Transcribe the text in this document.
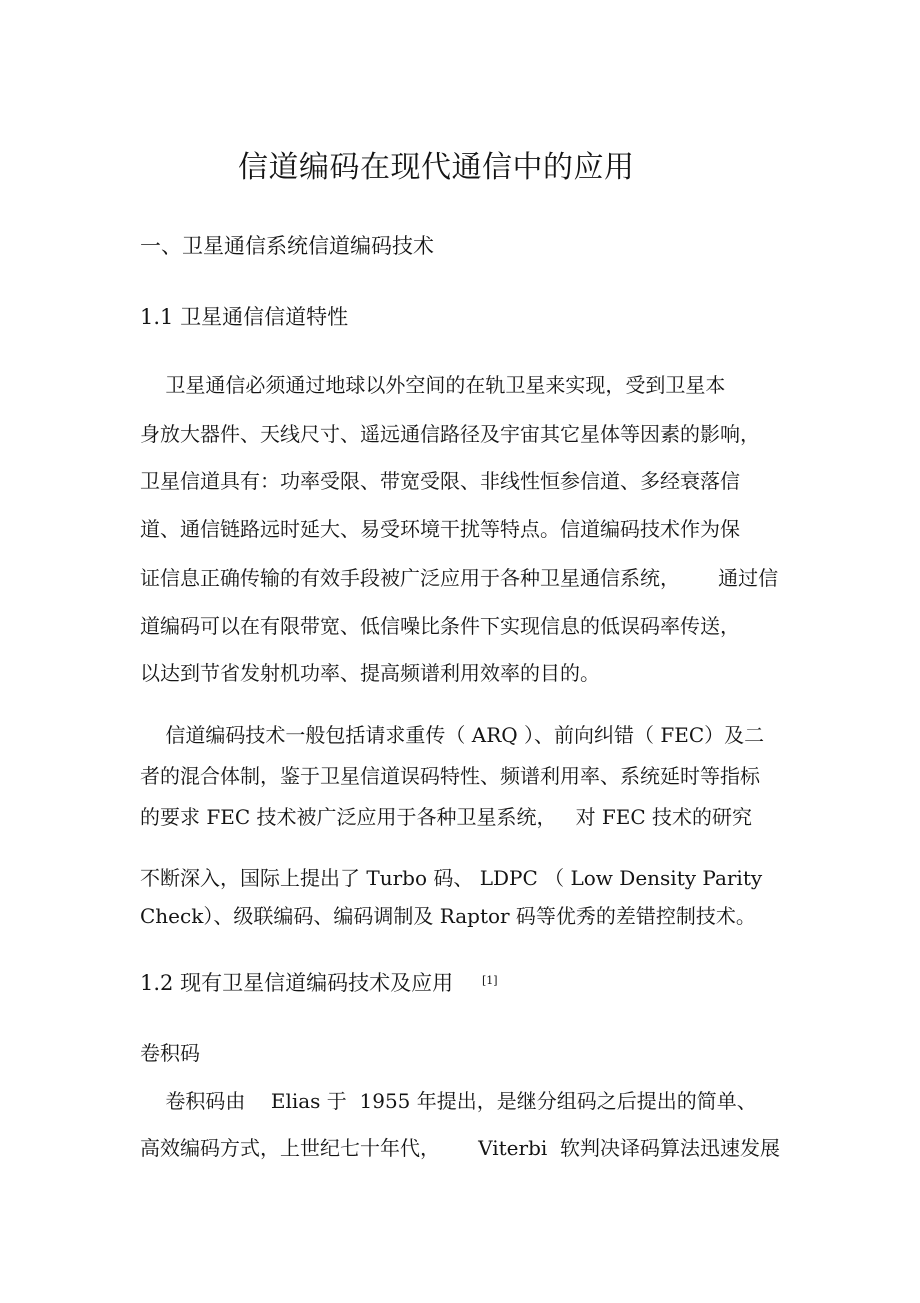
信道编码在现代通信中的应用
一、卫星通信系统信道编码技术
1.1 卫星通信信道特性
卫星通信必须通过地球以外空间的在轨卫星来实现，受到卫星本
身放大器件、天线尺寸、遥远通信路径及宇宙其它星体等因素的影响，
卫星信道具有：功率受限、带宽受限、非线性恒参信道、多经衰落信
道、通信链路远时延大、易受环境干扰等特点。信道编码技术作为保
证信息正确传输的有效手段被广泛应用于各种卫星通信系统，      通过信
道编码可以在有限带宽、低信噪比条件下实现信息的低误码率传送，
以达到节省发射机功率、提高频谱利用效率的目的。
信道编码技术一般包括请求重传（ ARQ ）、前向纠错（ FEC）及二
者的混合体制，鉴于卫星信道误码特性、频谱利用率、系统延时等指标
的要求 FEC 技术被广泛应用于各种卫星系统，   对 FEC 技术的研究
不断深入，国际上提出了 Turbo 码、 LDPC （ Low Density Parity
Check）、级联编码、编码调制及 Raptor 码等优秀的差错控制技术。
1.2 现有卫星信道编码技术及应用	[1]
卷积码
卷积码由    Elias 于  1955 年提出，是继分组码之后提出的简单、
高效编码方式，上世纪七十年代，      Viterbi  软判决译码算法迅速发展
